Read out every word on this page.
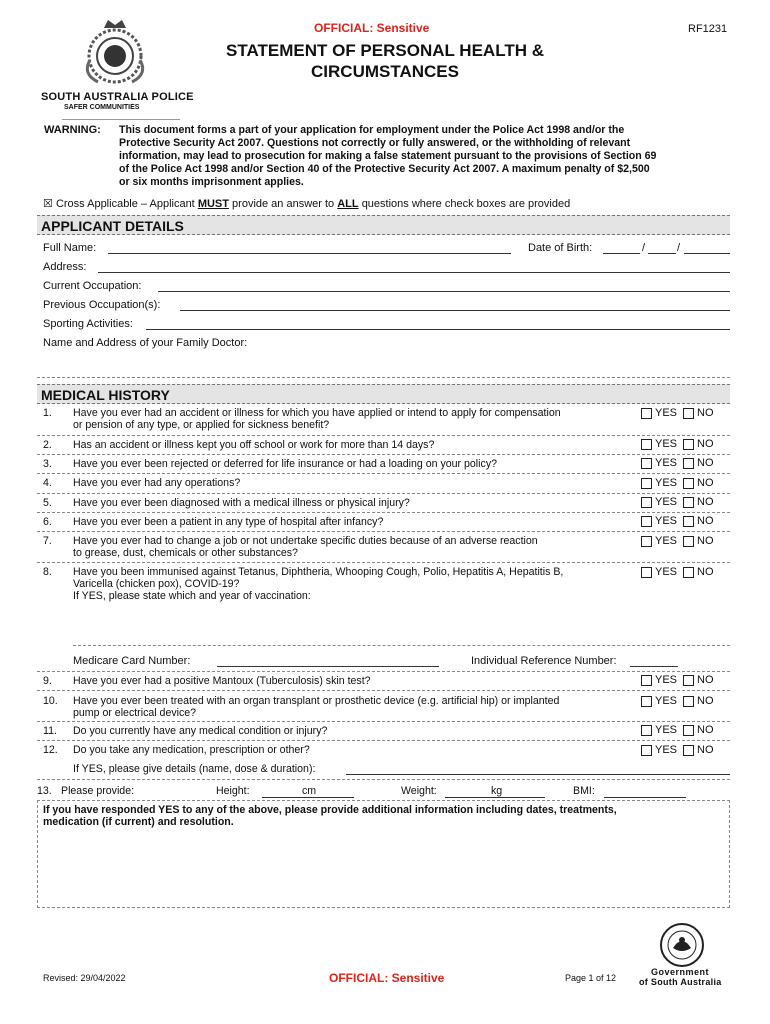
OFFICIAL: Sensitive	RF1231
STATEMENT OF PERSONAL HEALTH &
CIRCUMSTANCES
SOUTH AUSTRALIA POLICE
SAFER COMMUNITIES
WARNING: This document forms a part of your application for employment under the Police Act 1998 and/or the
Protective Security Act 2007. Questions not correctly or fully answered, or the withholding of relevant
information, may lead to prosecution for making a false statement pursuant to the provisions of Section 69
of the Police Act 1998 and/or Section 40 of the Protective Security Act 2007. A maximum penalty of $2,500
or six months imprisonment applies.
☒ Cross Applicable – Applicant MUST provide an answer to ALL questions where check boxes are provided
APPLICANT DETAILS
Full Name:	Date of Birth:	/	/
Address:
Current Occupation:
Previous Occupation(s):
Sporting Activities:
Name and Address of your Family Doctor:
MEDICAL HISTORY
1. Have you ever had an accident or illness for which you have applied or intend to apply for compensation
or pension of any type, or applied for sickness benefit?
YES NO
2. Has an accident or illness kept you off school or work for more than 14 days?	YES NO
3. Have you ever been rejected or deferred for life insurance or had a loading on your policy?	YES NO
4. Have you ever had any operations?	YES NO
5. Have you ever been diagnosed with a medical illness or physical injury?	YES NO
6. Have you ever been a patient in any type of hospital after infancy?	YES NO
7. Have you ever had to change a job or not undertake specific duties because of an adverse reaction
to grease, dust, chemicals or other substances?
YES NO
8. Have you been immunised against Tetanus, Diphtheria, Whooping Cough, Polio, Hepatitis A, Hepatitis B,
Varicella (chicken pox), COVID-19?
If YES, please state which and year of vaccination:
YES NO
Medicare Card Number:	Individual Reference Number:
9. Have you ever had a positive Mantoux (Tuberculosis) skin test?	YES NO
10. Have you ever been treated with an organ transplant or prosthetic device (e.g. artificial hip) or implanted
pump or electrical device?
YES NO
11. Do you currently have any medical condition or injury?	YES NO
12. Do you take any medication, prescription or other?	YES NO
If YES, please give details (name, dose & duration):
13. Please provide:	Height:	cm	Weight:	kg	BMI:
If you have responded YES to any of the above, please provide additional information including dates, treatments,
medication (if current) and resolution.
Government
of South Australia
Revised: 29/04/2022	OFFICIAL: Sensitive	Page 1 of 12
